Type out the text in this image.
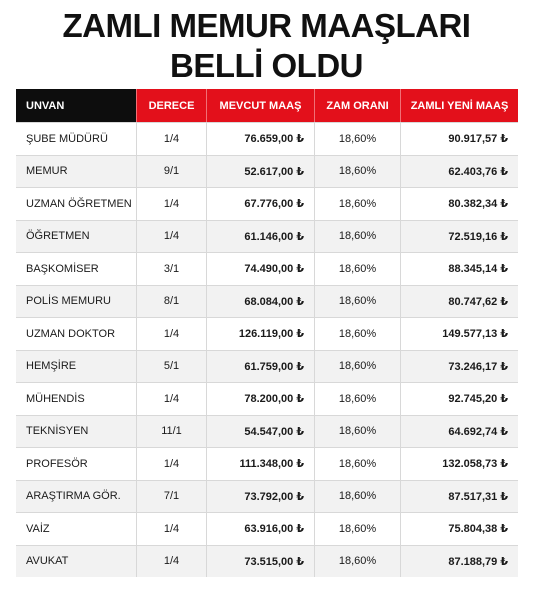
ZAMLI MEMUR MAAŞLARI
BELLİ OLDU
UNVAN	DERECE	MEVCUT MAAŞ	ZAM ORANI	ZAMLI YENİ MAAŞ
ŞUBE MÜDÜRÜ	1/4	76.659,00 ₺	18,60%	90.917,57 ₺
MEMUR	9/1	52.617,00 ₺	18,60%	62.403,76 ₺
UZMAN ÖĞRETMEN	1/4	67.776,00 ₺	18,60%	80.382,34 ₺
ÖĞRETMEN	1/4	61.146,00 ₺	18,60%	72.519,16 ₺
BAŞKOMİSER	3/1	74.490,00 ₺	18,60%	88.345,14 ₺
POLİS MEMURU	8/1	68.084,00 ₺	18,60%	80.747,62 ₺
UZMAN DOKTOR	1/4	126.119,00 ₺	18,60%	149.577,13 ₺
HEMŞİRE	5/1	61.759,00 ₺	18,60%	73.246,17 ₺
MÜHENDİS	1/4	78.200,00 ₺	18,60%	92.745,20 ₺
TEKNİSYEN	11/1	54.547,00 ₺	18,60%	64.692,74 ₺
PROFESÖR	1/4	111.348,00 ₺	18,60%	132.058,73 ₺
ARAŞTIRMA GÖR.	7/1	73.792,00 ₺	18,60%	87.517,31 ₺
VAİZ	1/4	63.916,00 ₺	18,60%	75.804,38 ₺
AVUKAT	1/4	73.515,00 ₺	18,60%	87.188,79 ₺
